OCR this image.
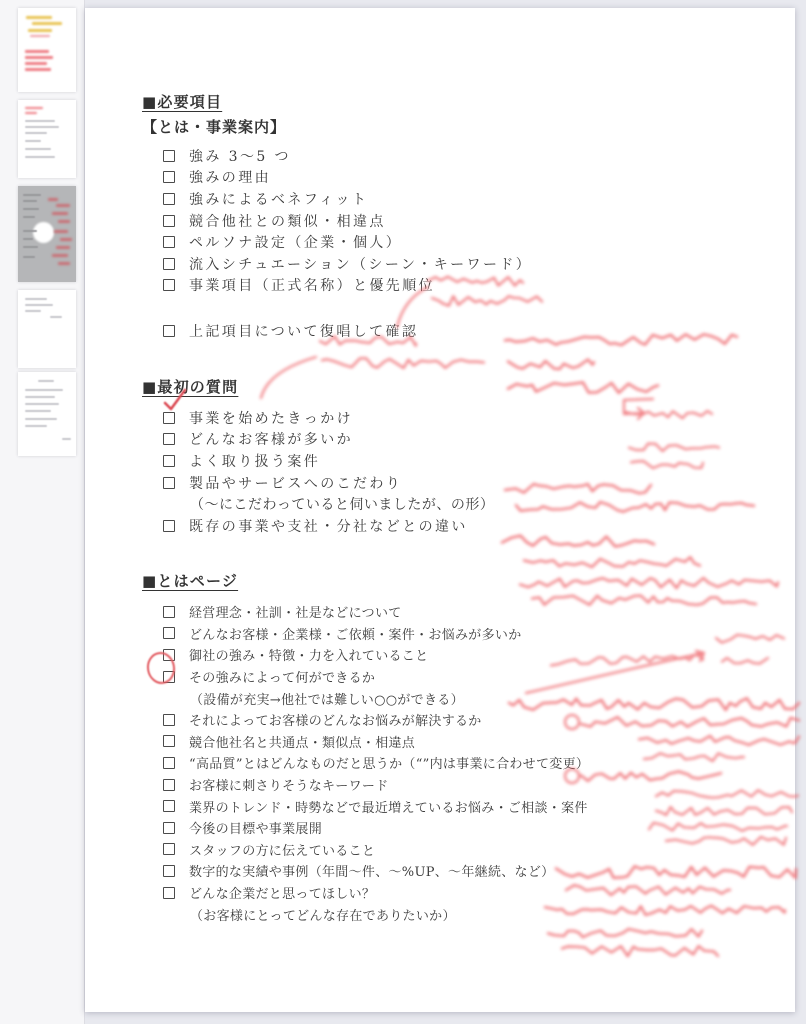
■必要項目
【とは・事業案内】
強み 3～5 つ
強みの理由
強みによるベネフィット
競合他社との類似・相違点
ペルソナ設定（企業・個人）
流入シチュエーション（シーン・キーワード）
事業項目（正式名称）と優先順位
上記項目について復唱して確認
■最初の質問
事業を始めたきっかけ
どんなお客様が多いか
よく取り扱う案件
製品やサービスへのこだわり
（～にこだわっていると伺いましたが、の形）
既存の事業や支社・分社などとの違い
■とはページ
経営理念・社訓・社是などについて
どんなお客様・企業様・ご依頼・案件・お悩みが多いか
御社の強み・特徴・力を入れていること
その強みによって何ができるか
（設備が充実→他社では難しい○○ができる）
それによってお客様のどんなお悩みが解決するか
競合他社名と共通点・類似点・相違点
“高品質”とはどんなものだと思うか（“”内は事業に合わせて変更）
お客様に刺さりそうなキーワード
業界のトレンド・時勢などで最近増えているお悩み・ご相談・案件
今後の目標や事業展開
スタッフの方に伝えていること
数字的な実績や事例（年間～件、～%UP、～年継続、など）
どんな企業だと思ってほしい？
（お客様にとってどんな存在でありたいか）
